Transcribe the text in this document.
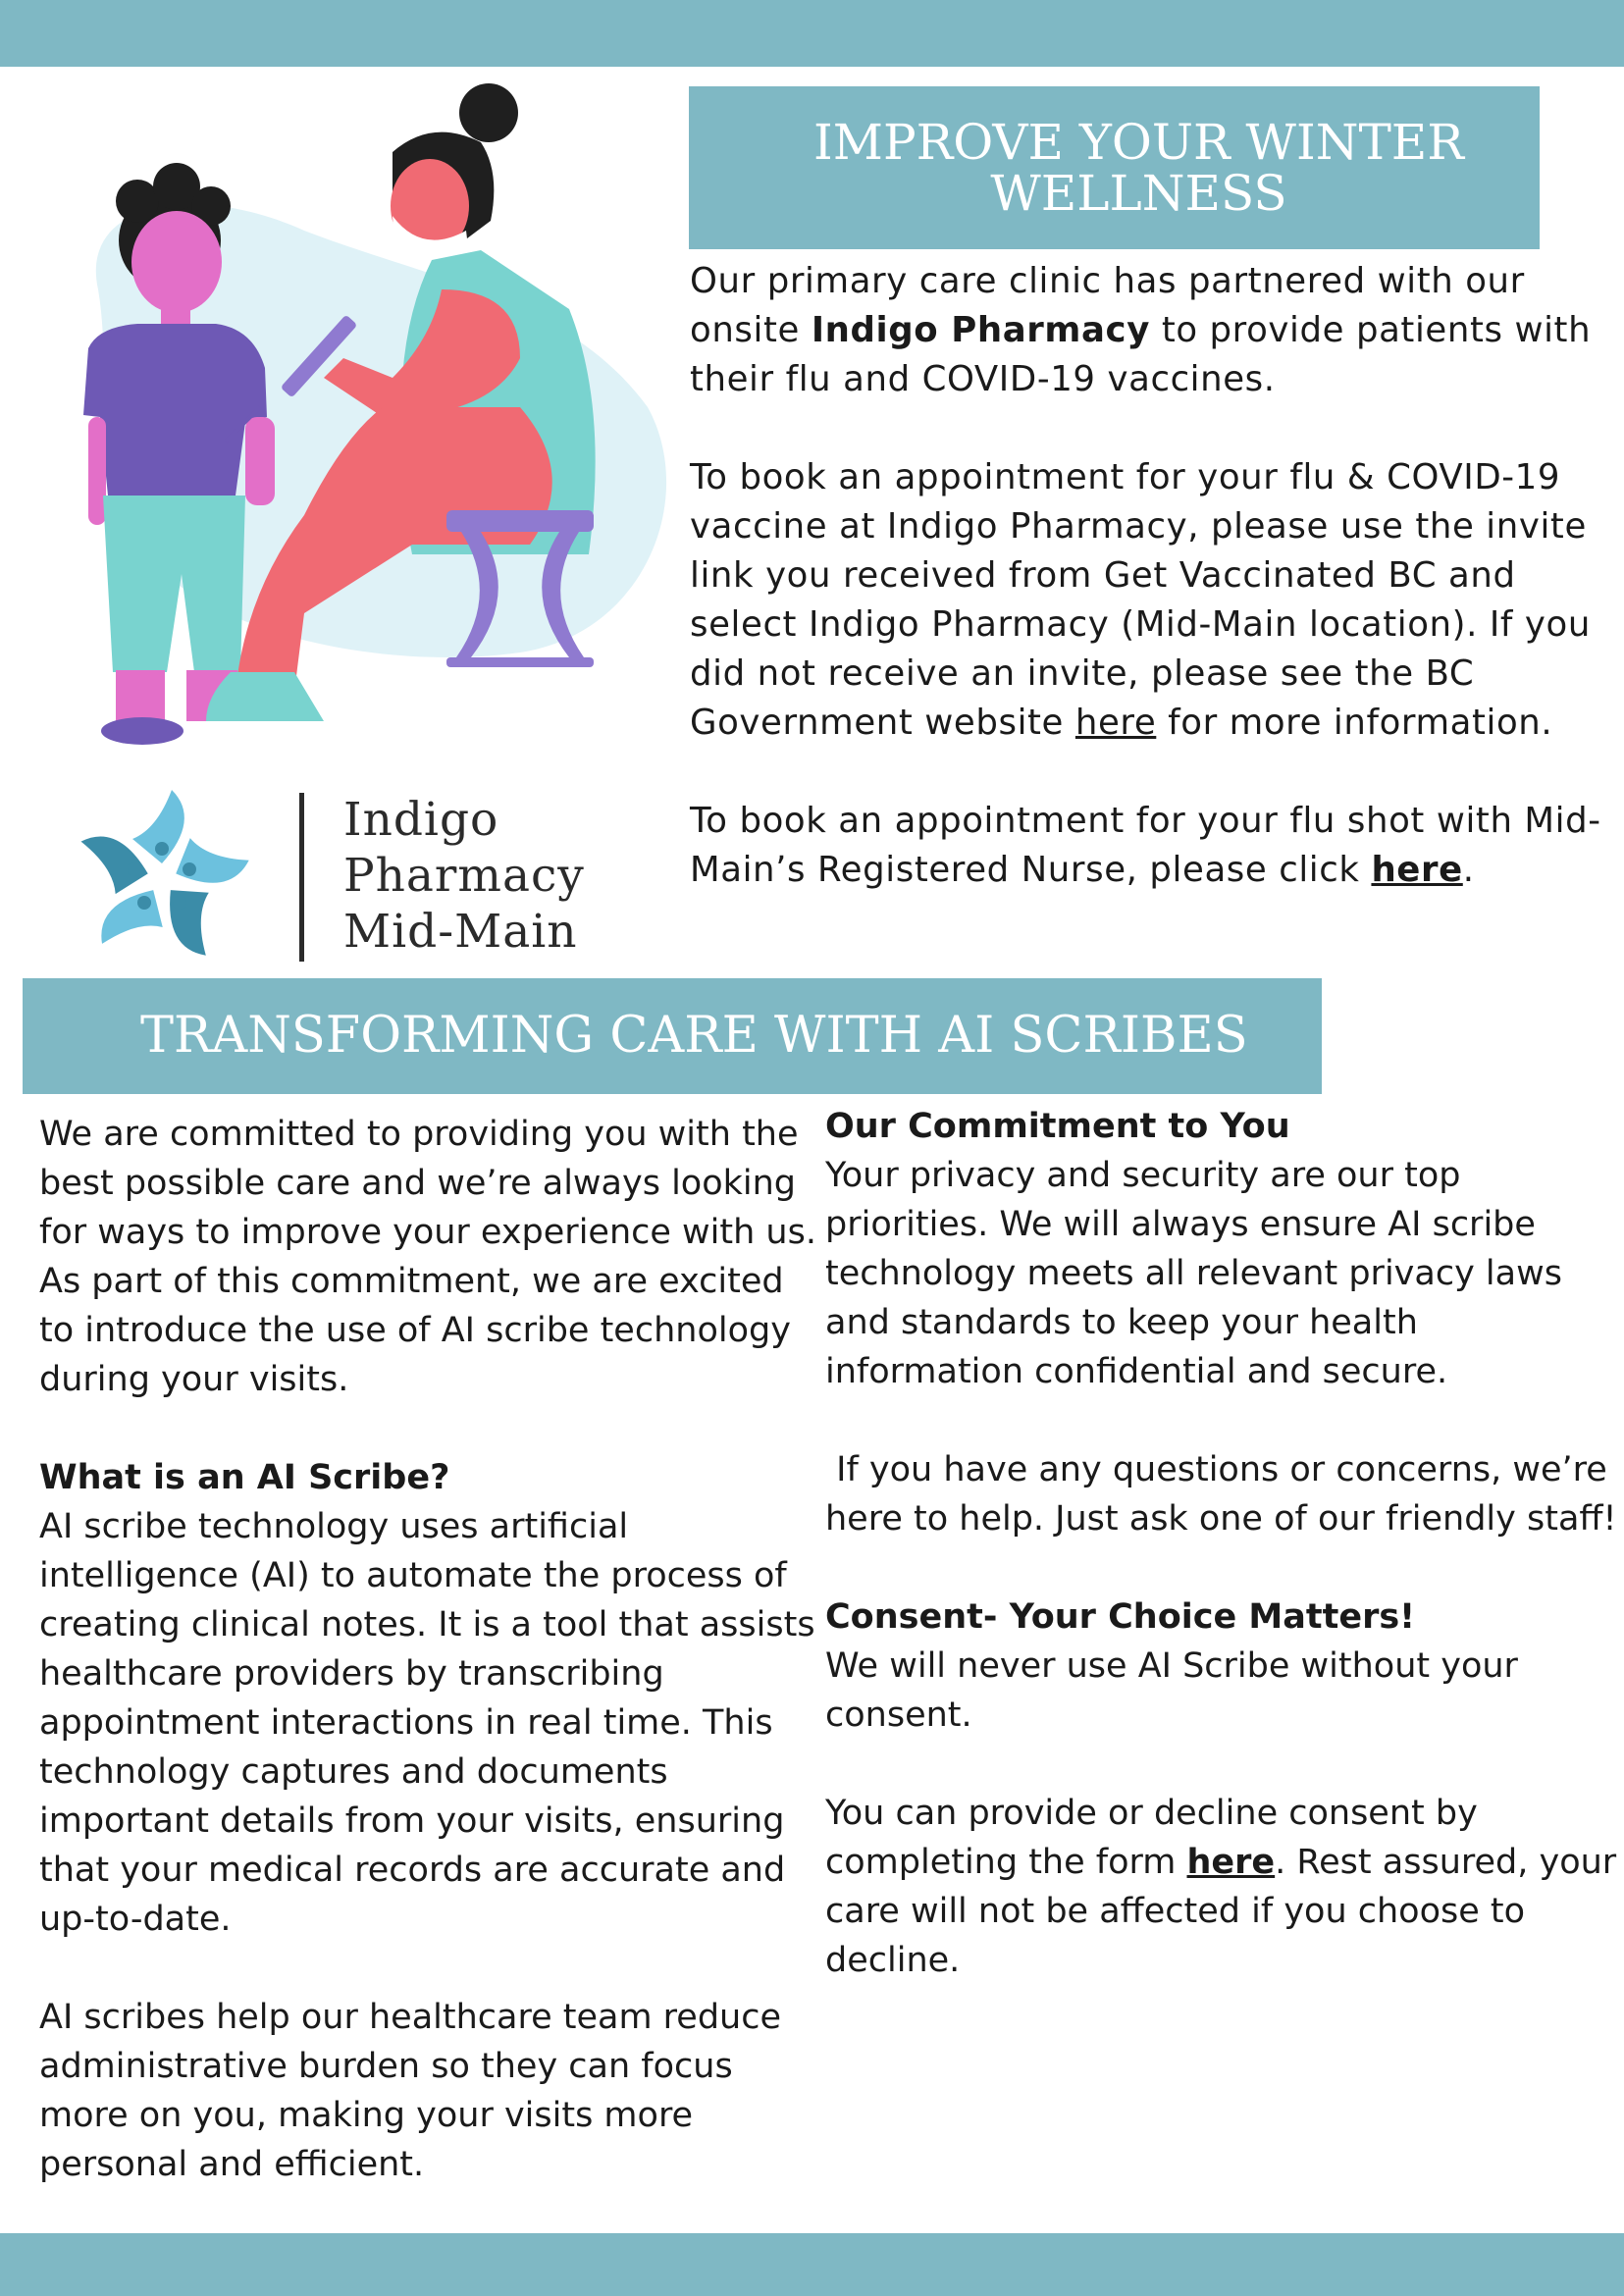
Indigo
Pharmacy
Mid-Main
IMPROVE YOUR WINTER WELLNESS

Our primary care clinic has partnered with our onsite Indigo Pharmacy to provide patients with their flu and COVID-19 vaccines.

To book an appointment for your flu & COVID-19 vaccine at Indigo Pharmacy, please use the invite link you received from Get Vaccinated BC and select Indigo Pharmacy (Mid-Main location). If you did not receive an invite, please see the BC Government website here for more information.

To book an appointment for your flu shot with Mid-Main’s Registered Nurse, please click here.

TRANSFORMING CARE WITH AI SCRIBES

We are committed to providing you with the best possible care and we’re always looking for ways to improve your experience with us. As part of this commitment, we are excited to introduce the use of AI scribe technology during your visits.

What is an AI Scribe?

AI scribe technology uses artificial intelligence (AI) to automate the process of creating clinical notes. It is a tool that assists healthcare providers by transcribing appointment interactions in real time. This technology captures and documents important details from your visits, ensuring that your medical records are accurate and up-to-date.

AI scribes help our healthcare team reduce administrative burden so they can focus more on you, making your visits more personal and efficient.

Our Commitment to You

Your privacy and security are our top priorities. We will always ensure AI scribe technology meets all relevant privacy laws and standards to keep your health information confidential and secure.

If you have any questions or concerns, we’re here to help. Just ask one of our friendly staff!

Consent- Your Choice Matters!

We will never use AI Scribe without your consent.

You can provide or decline consent by completing the form here. Rest assured, your care will not be affected if you choose to decline.
